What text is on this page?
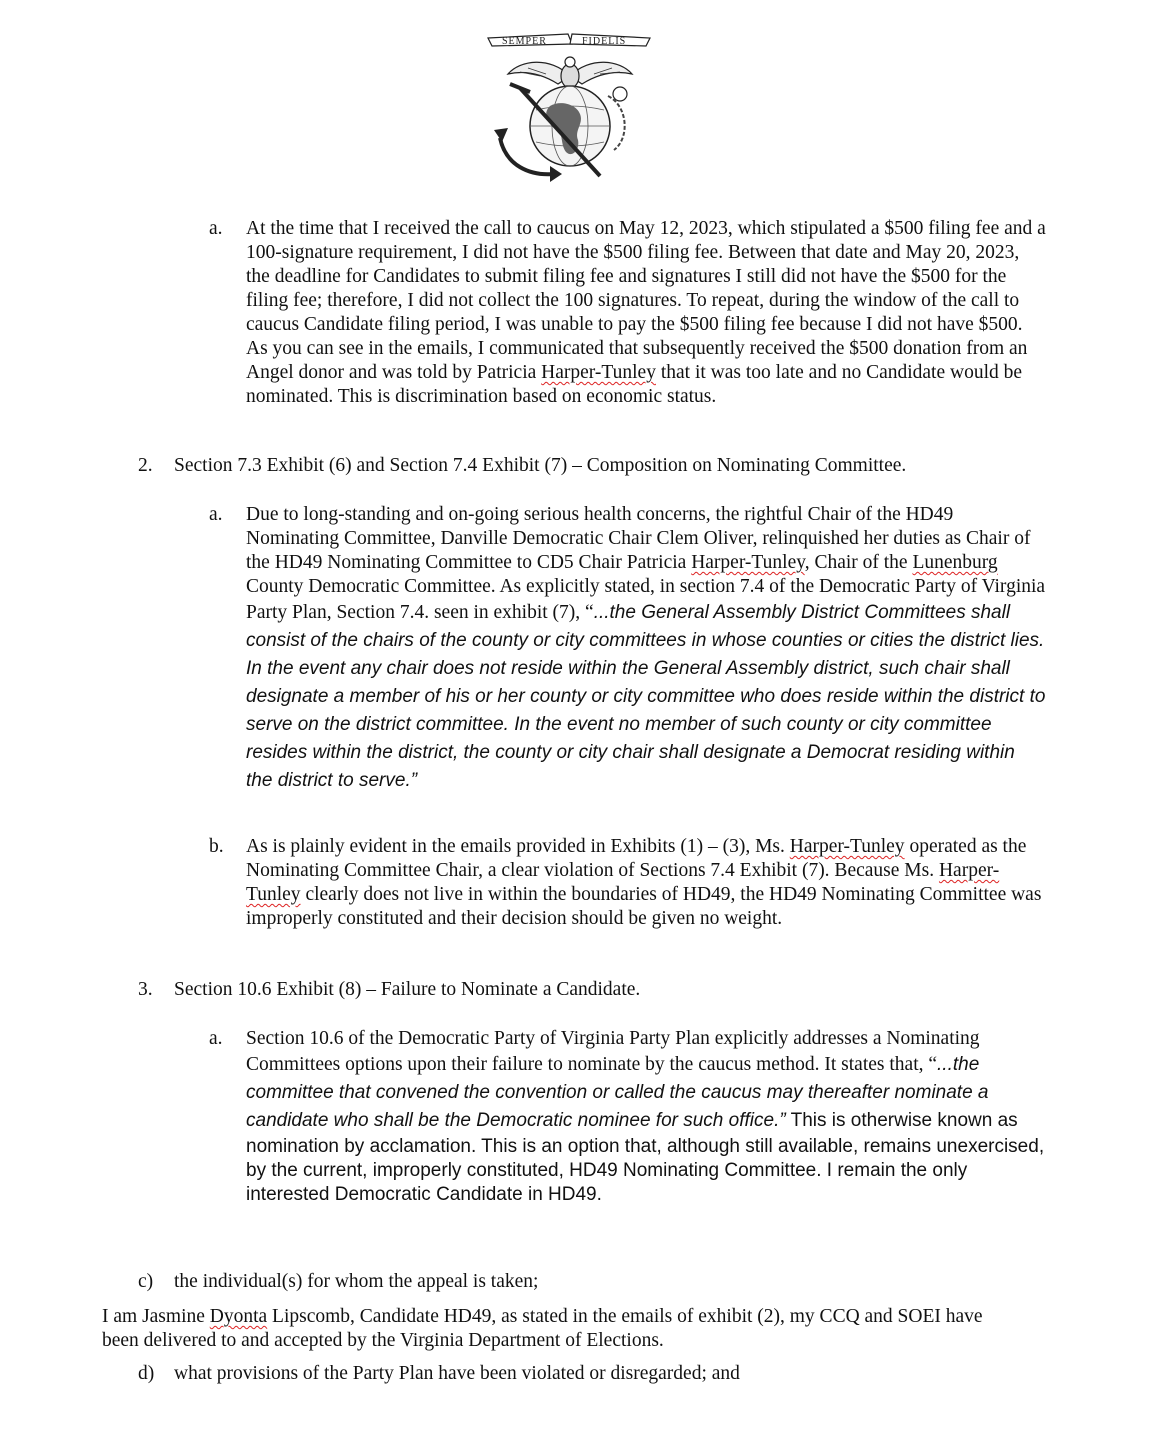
SEMPER	FIDELIS
a. At the time that I received the call to caucus on May 12, 2023, which stipulated a $500 filing fee and a 100-signature requirement, I did not have the $500 filing fee. Between that date and May 20, 2023, the deadline for Candidates to submit filing fee and signatures I still did not have the $500 for the filing fee; therefore, I did not collect the 100 signatures. To repeat, during the window of the call to caucus Candidate filing period, I was unable to pay the $500 filing fee because I did not have $500. As you can see in the emails, I communicated that subsequently received the $500 donation from an Angel donor and was told by Patricia Harper-Tunley that it was too late and no Candidate would be nominated. This is discrimination based on economic status.

2. Section 7.3 Exhibit (6) and Section 7.4 Exhibit (7) – Composition on Nominating Committee.

a. Due to long-standing and on-going serious health concerns, the rightful Chair of the HD49 Nominating Committee, Danville Democratic Chair Clem Oliver, relinquished her duties as Chair of the HD49 Nominating Committee to CD5 Chair Patricia Harper-Tunley, Chair of the Lunenburg County Democratic Committee. As explicitly stated, in section 7.4 of the Democratic Party of Virginia Party Plan, Section 7.4. seen in exhibit (7), “...the General Assembly District Committees shall consist of the chairs of the county or city committees in whose counties or cities the district lies. In the event any chair does not reside within the General Assembly district, such chair shall designate a member of his or her county or city committee who does reside within the district to serve on the district committee. In the event no member of such county or city committee resides within the district, the county or city chair shall designate a Democrat residing within the district to serve.”

b. As is plainly evident in the emails provided in Exhibits (1) – (3), Ms. Harper-Tunley operated as the Nominating Committee Chair, a clear violation of Sections 7.4 Exhibit (7). Because Ms. Harper-Tunley clearly does not live in within the boundaries of HD49, the HD49 Nominating Committee was improperly constituted and their decision should be given no weight.

3. Section 10.6 Exhibit (8) – Failure to Nominate a Candidate.

a. Section 10.6 of the Democratic Party of Virginia Party Plan explicitly addresses a Nominating Committees options upon their failure to nominate by the caucus method. It states that, “...the committee that convened the convention or called the caucus may thereafter nominate a candidate who shall be the Democratic nominee for such office.” This is otherwise known as nomination by acclamation. This is an option that, although still available, remains unexercised, by the current, improperly constituted, HD49 Nominating Committee. I remain the only interested Democratic Candidate in HD49.

c) the individual(s) for whom the appeal is taken;

I am Jasmine Dyonta Lipscomb, Candidate HD49, as stated in the emails of exhibit (2), my CCQ and SOEI have been delivered to and accepted by the Virginia Department of Elections.

d) what provisions of the Party Plan have been violated or disregarded; and
